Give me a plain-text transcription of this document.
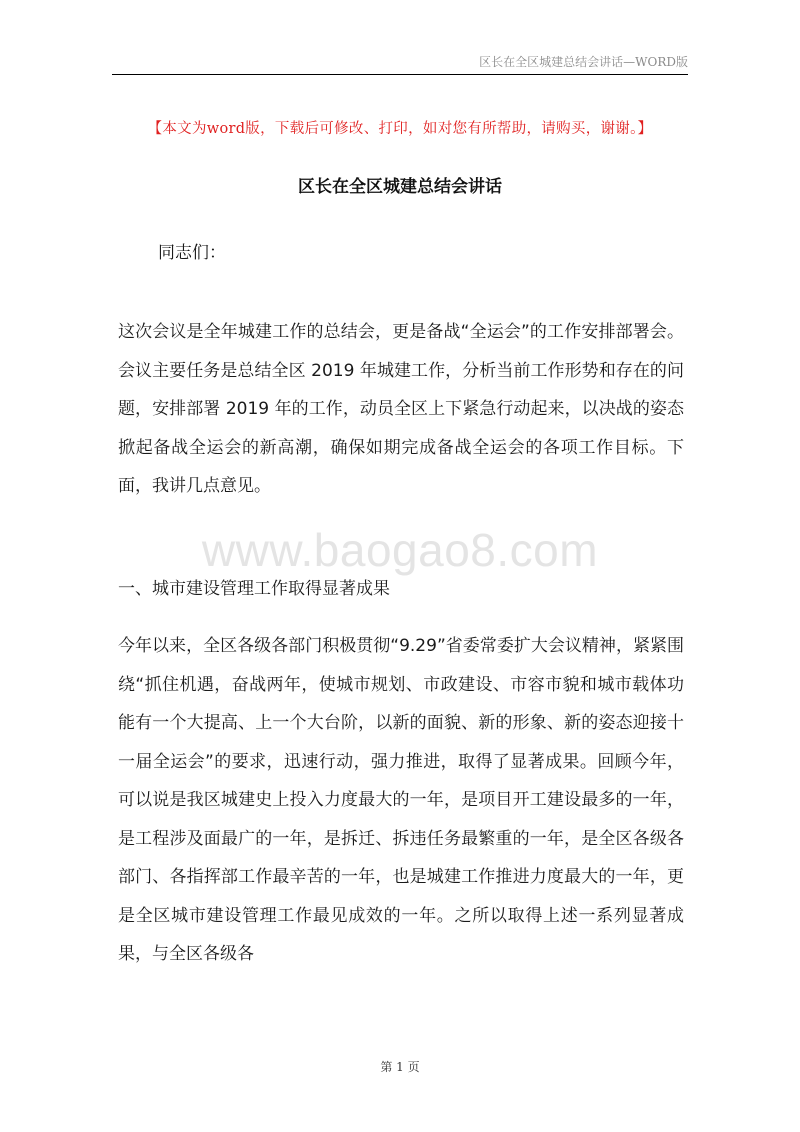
区长在全区城建总结会讲话—WORD版
【本文为word版，下载后可修改、打印，如对您有所帮助，请购买，谢谢。】
区长在全区城建总结会讲话
www.baogao8.com

同志们：

这次会议是全年城建工作的总结会，更是备战“全运会”的工作安排部署会。会议主要任务是总结全区 2019 年城建工作，分析当前工作形势和存在的问题，安排部署 2019 年的工作，动员全区上下紧急行动起来，以决战的姿态掀起备战全运会的新高潮，确保如期完成备战全运会的各项工作目标。下面，我讲几点意见。

一、城市建设管理工作取得显著成果

今年以来，全区各级各部门积极贯彻“9.29”省委常委扩大会议精神，紧紧围绕“抓住机遇，奋战两年，使城市规划、市政建设、市容市貌和城市载体功能有一个大提高、上一个大台阶，以新的面貌、新的形象、新的姿态迎接十一届全运会”的要求，迅速行动，强力推进，取得了显著成果。回顾今年，可以说是我区城建史上投入力度最大的一年，是项目开工建设最多的一年，是工程涉及面最广的一年，是拆迁、拆违任务最繁重的一年，是全区各级各部门、各指挥部工作最辛苦的一年，也是城建工作推进力度最大的一年，更是全区城市建设管理工作最见成效的一年。之所以取得上述一系列显著成果，与全区各级各

第 1 页
